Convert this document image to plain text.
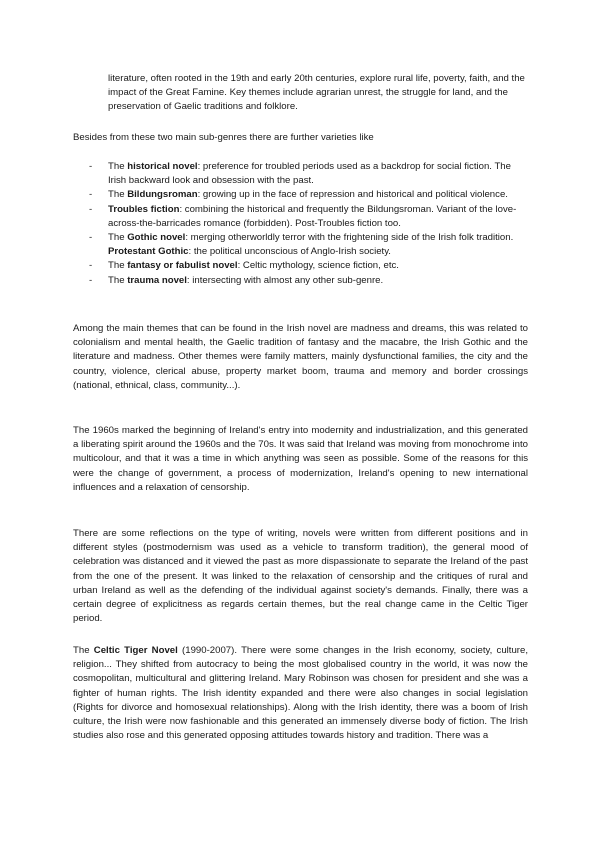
literature, often rooted in the 19th and early 20th centuries, explore rural life, poverty, faith, and the impact of the Great Famine. Key themes include agrarian unrest, the struggle for land, and the preservation of Gaelic traditions and folklore.
Besides from these two main sub-genres there are further varieties like
- The historical novel: preference for troubled periods used as a backdrop for social fiction. The Irish backward look and obsession with the past.
- The Bildungsroman: growing up in the face of repression and historical and political violence.
- Troubles fiction: combining the historical and frequently the Bildungsroman. Variant of the love-across-the-barricades romance (forbidden). Post-Troubles fiction too.
- The Gothic novel: merging otherworldly terror with the frightening side of the Irish folk tradition. Protestant Gothic: the political unconscious of Anglo-Irish society.
- The fantasy or fabulist novel: Celtic mythology, science fiction, etc.
- The trauma novel: intersecting with almost any other sub-genre.
Among the main themes that can be found in the Irish novel are madness and dreams, this was related to colonialism and mental health, the Gaelic tradition of fantasy and the macabre, the Irish Gothic and the literature and madness. Other themes were family matters, mainly dysfunctional families, the city and the country, violence, clerical abuse, property market boom, trauma and memory and border crossings (national, ethnical, class, community...).
The 1960s marked the beginning of Ireland's entry into modernity and industrialization, and this generated a liberating spirit around the 1960s and the 70s. It was said that Ireland was moving from monochrome into multicolour, and that it was a time in which anything was seen as possible. Some of the reasons for this were the change of government, a process of modernization, Ireland's opening to new international influences and a relaxation of censorship.
There are some reflections on the type of writing, novels were written from different positions and in different styles (postmodernism was used as a vehicle to transform tradition), the general mood of celebration was distanced and it viewed the past as more dispassionate to separate the Ireland of the past from the one of the present. It was linked to the relaxation of censorship and the critiques of rural and urban Ireland as well as the defending of the individual against society's demands. Finally, there was a certain degree of explicitness as regards certain themes, but the real change came in the Celtic Tiger period.
The Celtic Tiger Novel (1990-2007). There were some changes in the Irish economy, society, culture, religion... They shifted from autocracy to being the most globalised country in the world, it was now the cosmopolitan, multicultural and glittering Ireland. Mary Robinson was chosen for president and she was a fighter of human rights. The Irish identity expanded and there were also changes in social legislation (Rights for divorce and homosexual relationships). Along with the Irish identity, there was a boom of Irish culture, the Irish were now fashionable and this generated an immensely diverse body of fiction. The Irish studies also rose and this generated opposing attitudes towards history and tradition. There was a
